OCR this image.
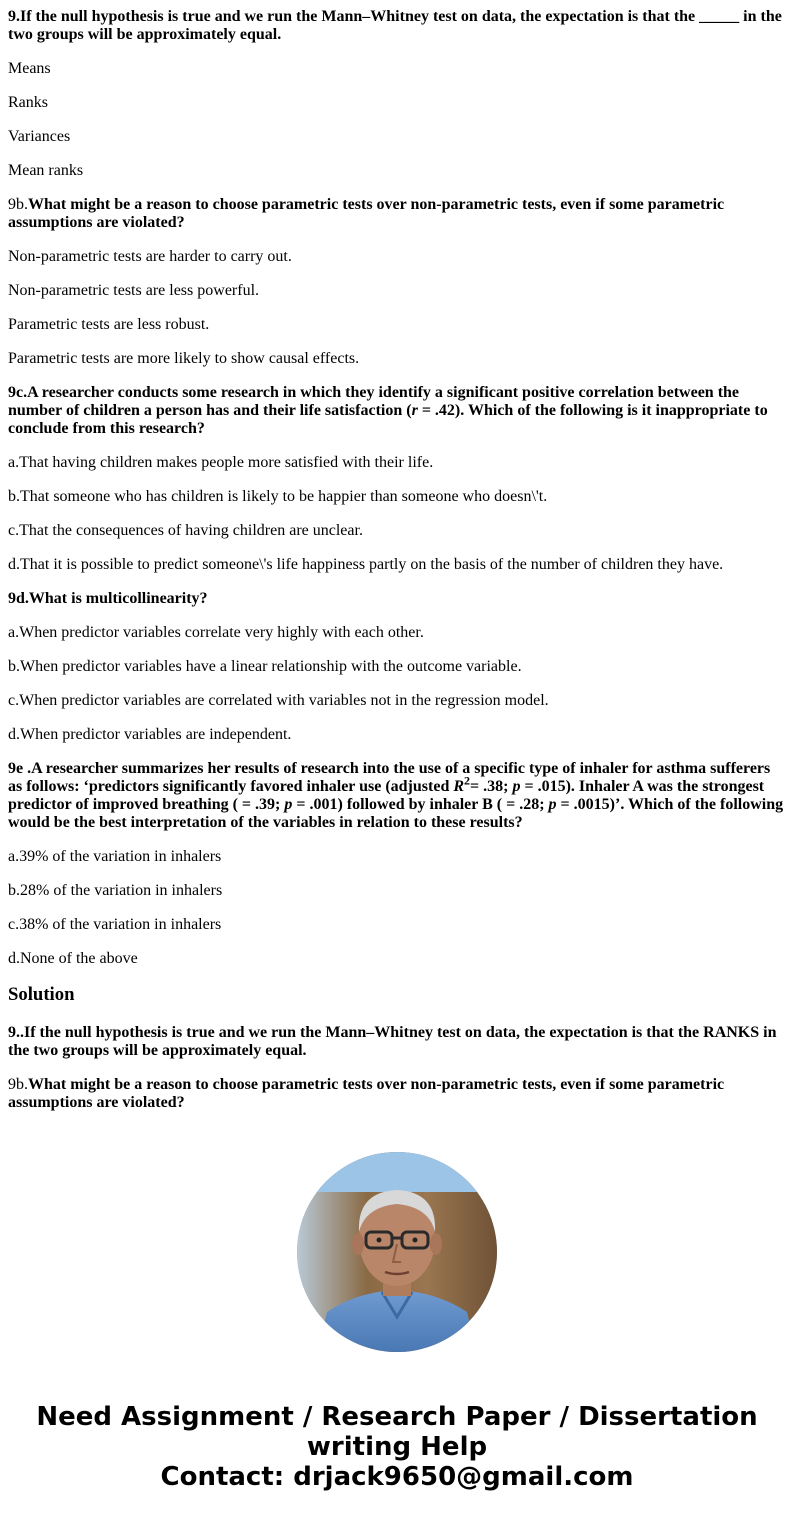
9.If the null hypothesis is true and we run the Mann–Whitney test on data, the expectation is that the _____ in the two groups will be approximately equal.

Means

Ranks

Variances

Mean ranks

9b.What might be a reason to choose parametric tests over non-parametric tests, even if some parametric assumptions are violated?

Non-parametric tests are harder to carry out.

Non-parametric tests are less powerful.

Parametric tests are less robust.

Parametric tests are more likely to show causal effects.

9c.A researcher conducts some research in which they identify a significant positive correlation between the number of children a person has and their life satisfaction (r = .42). Which of the following is it inappropriate to conclude from this research?

a.That having children makes people more satisfied with their life.

b.That someone who has children is likely to be happier than someone who doesn\'t.

c.That the consequences of having children are unclear.

d.That it is possible to predict someone\'s life happiness partly on the basis of the number of children they have.

9d.What is multicollinearity?

a.When predictor variables correlate very highly with each other.

b.When predictor variables have a linear relationship with the outcome variable.

c.When predictor variables are correlated with variables not in the regression model.

d.When predictor variables are independent.

9e .A researcher summarizes her results of research into the use of a specific type of inhaler for asthma sufferers as follows: ‘predictors significantly favored inhaler use (adjusted $R^2= .38$; p = .015). Inhaler A was the strongest predictor of improved breathing ( = .39; p = .001) followed by inhaler B ( = .28; p = .0015)’. Which of the following would be the best interpretation of the variables in relation to these results?

a.39% of the variation in inhalers

b.28% of the variation in inhalers

c.38% of the variation in inhalers

d.None of the above

Solution

9..If the null hypothesis is true and we run the Mann–Whitney test on data, the expectation is that the RANKS in the two groups will be approximately equal.

9b.What might be a reason to choose parametric tests over non-parametric tests, even if some parametric assumptions are violated?

Need Assignment / Research Paper / Dissertation
writing Help
Contact: drjack9650@gmail.com
